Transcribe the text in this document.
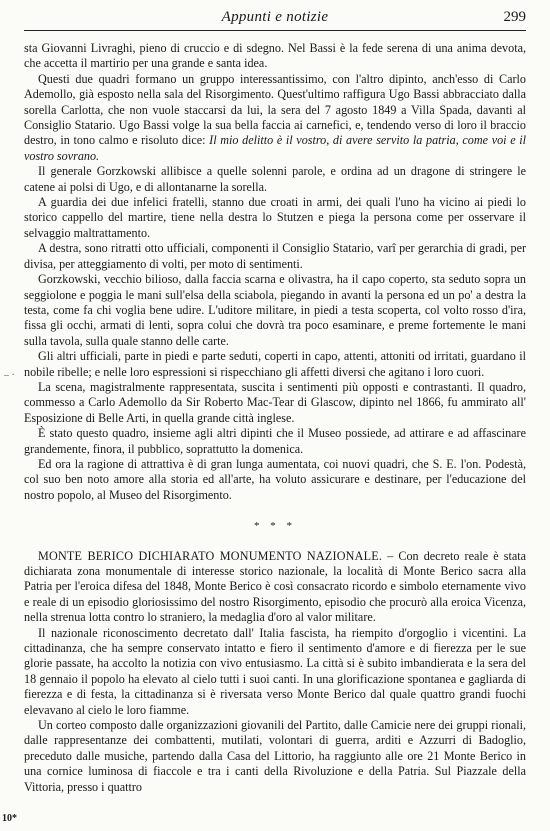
Appunti e notizie	299
– ·

sta Giovanni Livraghi, pieno di cruccio e di sdegno. Nel Bassi è la fede serena di una anima devota, che accetta il martirio per una grande e santa idea.

Questi due quadri formano un gruppo interessantissimo, con l'altro dipinto, anch'esso di Carlo Ademollo, già esposto nella sala del Risorgimento. Quest'ultimo raffigura Ugo Bassi abbracciato dalla sorella Carlotta, che non vuole staccarsi da lui, la sera del 7 agosto 1849 a Villa Spada, davanti al Consiglio Statario. Ugo Bassi volge la sua bella faccia ai carnefici, e, tendendo verso di loro il braccio destro, in tono calmo e risoluto dice: Il mio delitto è il vostro, di avere servito la patria, come voi e il vostro sovrano.

Il generale Gorzkowski allibisce a quelle solenni parole, e ordina ad un dragone di stringere le catene ai polsi di Ugo, e di allontanarne la sorella.

A guardia dei due infelici fratelli, stanno due croati in armi, dei quali l'uno ha vicino ai piedi lo storico cappello del martire, tiene nella destra lo Stutzen e piega la persona come per osservare il selvaggio maltrattamento.

A destra, sono ritratti otto ufficiali, componenti il Consiglio Statario, varî per gerarchia di gradi, per divisa, per atteggiamento di volti, per moto di sentimenti.

Gorzkowski, vecchio bilioso, dalla faccia scarna e olivastra, ha il capo coperto, sta seduto sopra un seggiolone e poggia le mani sull'elsa della sciabola, piegando in avanti la persona ed un po' a destra la testa, come fa chi voglia bene udire. L'uditore militare, in piedi a testa scoperta, col volto rosso d'ira, fissa gli occhi, armati di lenti, sopra colui che dovrà tra poco esaminare, e preme fortemente le mani sulla tavola, sulla quale stanno delle carte.

Gli altri ufficiali, parte in piedi e parte seduti, coperti in capo, attenti, attoniti od irritati, guardano il nobile ribelle; e nelle loro espressioni si rispecchiano gli affetti diversi che agitano i loro cuori.

La scena, magistralmente rappresentata, suscita i sentimenti più opposti e contrastanti. Il quadro, commesso a Carlo Ademollo da Sir Roberto Mac-Tear di Glascow, dipinto nel 1866, fu ammirato all' Esposizione di Belle Arti, in quella grande città inglese.

È stato questo quadro, insieme agli altri dipinti che il Museo possiede, ad attirare e ad affascinare grandemente, finora, il pubblico, soprattutto la domenica.

Ed ora la ragione di attrattiva è di gran lunga aumentata, coi nuovi quadri, che S. E. l'on. Podestà, col suo ben noto amore alla storia ed all'arte, ha voluto assicurare e destinare, per l'educazione del nostro popolo, al Museo del Risorgimento.

* * *

MONTE BERICO DICHIARATO MONUMENTO NAZIONALE. – Con decreto reale è stata dichiarata zona monumentale di interesse storico nazionale, la località di Monte Berico sacra alla Patria per l'eroica difesa del 1848, Monte Berico è così consacrato ricordo e simbolo eternamente vivo e reale di un episodio gloriosissimo del nostro Risorgimento, episodio che procurò alla eroica Vicenza, nella strenua lotta contro lo straniero, la medaglia d'oro al valor militare.

Il nazionale riconoscimento decretato dall' Italia fascista, ha riempito d'orgoglio i vicentini. La cittadinanza, che ha sempre conservato intatto e fiero il sentimento d'amore e di fierezza per le sue glorie passate, ha accolto la notizia con vivo entusiasmo. La città si è subito imbandierata e la sera del 18 gennaio il popolo ha elevato al cielo tutti i suoi canti. In una glorificazione spontanea e gagliarda di fierezza e di festa, la cittadinanza si è riversata verso Monte Berico dal quale quattro grandi fuochi elevavano al cielo le loro fiamme.

Un corteo composto dalle organizzazioni giovanili del Partito, dalle Camicie nere dei gruppi rionali, dalle rappresentanze dei combattenti, mutilati, volontari di guerra, arditi e Azzurri di Badoglio, preceduto dalle musiche, partendo dalla Casa del Littorio, ha raggiunto alle ore 21 Monte Berico in una cornice luminosa di fiaccole e tra i canti della Rivoluzione e della Patria. Sul Piazzale della Vittoria, presso i quattro

10*
